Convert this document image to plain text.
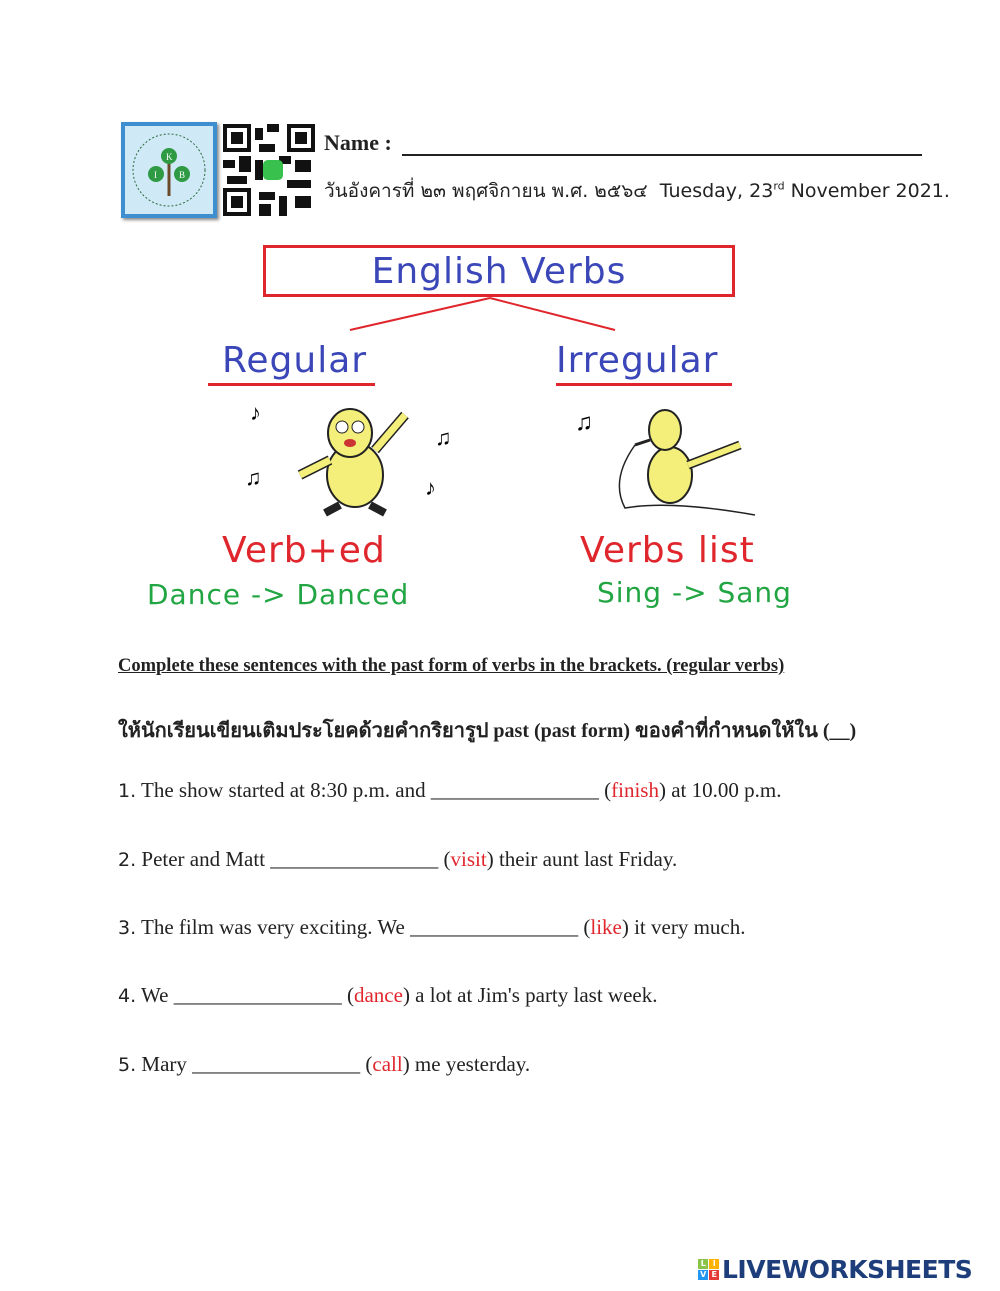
K
I B
Name :
วันอังคารที่ ๒๓ พฤศจิกายน พ.ศ. ๒๕๖๔ Tuesday, 23rd November 2021.
English Verbs
Regular	Irregular
♪
♫
♫	♪
♫
Verb+ed	Verbs list
Dance -> Danced	Sing -> Sang
Complete these sentences with the past form of verbs in the brackets. (regular verbs)
ให้นักเรียนเขียนเติมประโยคด้วยคำกริยารูป past (past form) ของคำที่กำหนดให้ใน (__)
1. The show started at 8:30 p.m. and ________________ (finish) at 10.00 p.m.
2. Peter and Matt ________________ (visit) their aunt last Friday.
3. The film was very exciting. We ________________ (like) it very much.
4. We ________________ (dance) a lot at Jim's party last week.
5. Mary ________________ (call) me yesterday.
L I
V E LIVEWORKSHEETS
